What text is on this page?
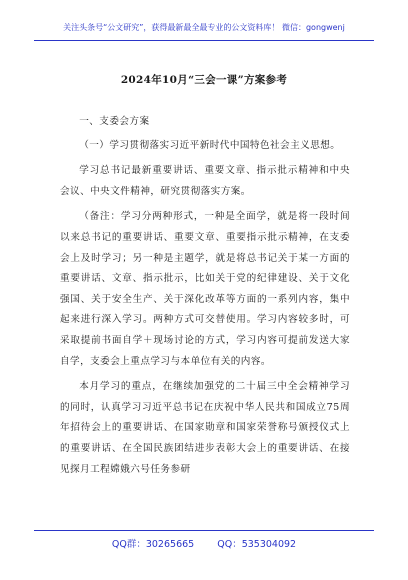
关注头条号“公文研究”，获得最新最全最专业的公文资料库！ 微信：gongwenj
2024年10月“三会一课”方案参考

一、支委会方案

（一）学习贯彻落实习近平新时代中国特色社会主义思想。

学习总书记最新重要讲话、重要文章、指示批示精神和中央会议、中央文件精神，研究贯彻落实方案。

（备注：学习分两种形式，一种是全面学，就是将一段时间以来总书记的重要讲话、重要文章、重要指示批示精神，在支委会上及时学习；另一种是主题学，就是将总书记关于某一方面的重要讲话、文章、指示批示，比如关于党的纪律建设、关于文化强国、关于安全生产、关于深化改革等方面的一系列内容，集中起来进行深入学习。两种方式可交替使用。学习内容较多时，可采取提前书面自学＋现场讨论的方式，学习内容可提前发送大家自学，支委会上重点学习与本单位有关的内容。

本月学习的重点，在继续加强党的二十届三中全会精神学习的同时，认真学习习近平总书记在庆祝中华人民共和国成立75周年招待会上的重要讲话、在国家勋章和国家荣誉称号颁授仪式上的重要讲话、在全国民族团结进步表彰大会上的重要讲话、在接见探月工程嫦娥六号任务参研

QQ群：30265665 QQ：535304092
